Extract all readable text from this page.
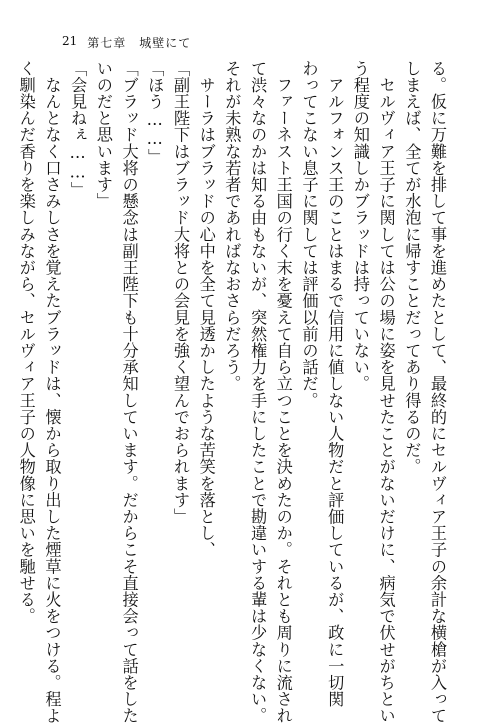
21 第七章　城壁にて
る。仮に万難を排して事を進めたとして、最終的にセルヴィア王子の余計な横槍が入って
しまえば、全てが水泡に帰すことだってあり得るのだ。
　セルヴィア王子に関しては公の場に姿を見せたことがないだけに、病気で伏せがちとい
う程度の知識しかブラッドは持っていない。
　アルフォンス王のことはまるで信用に値しない人物だと評価しているが、政に一切関
わってこない息子に関しては評価以前の話だ。
　ファーネスト王国の行く末を憂えて自ら立つことを決めたのか。それとも周りに流され
て渋々なのかは知る由もないが、突然権力を手にしたことで勘違いする輩は少なくない。
それが未熟な若者であればなおさらだろう。
　サーラはブラッドの心中を全て見透かしたような苦笑を落とし、
「副王陛下はブラッド大将との会見を強く望んでおられます」
「ほう……」
「ブラッド大将の懸念は副王陛下も十分承知しています。だからこそ直接会って話をした
いのだと思います」
「会見ねぇ……」
　なんとなく口さみしさを覚えたブラッドは、懐から取り出した煙草に火をつける。程よ
く馴染んだ香りを楽しみながら、セルヴィア王子の人物像に思いを馳せる。
